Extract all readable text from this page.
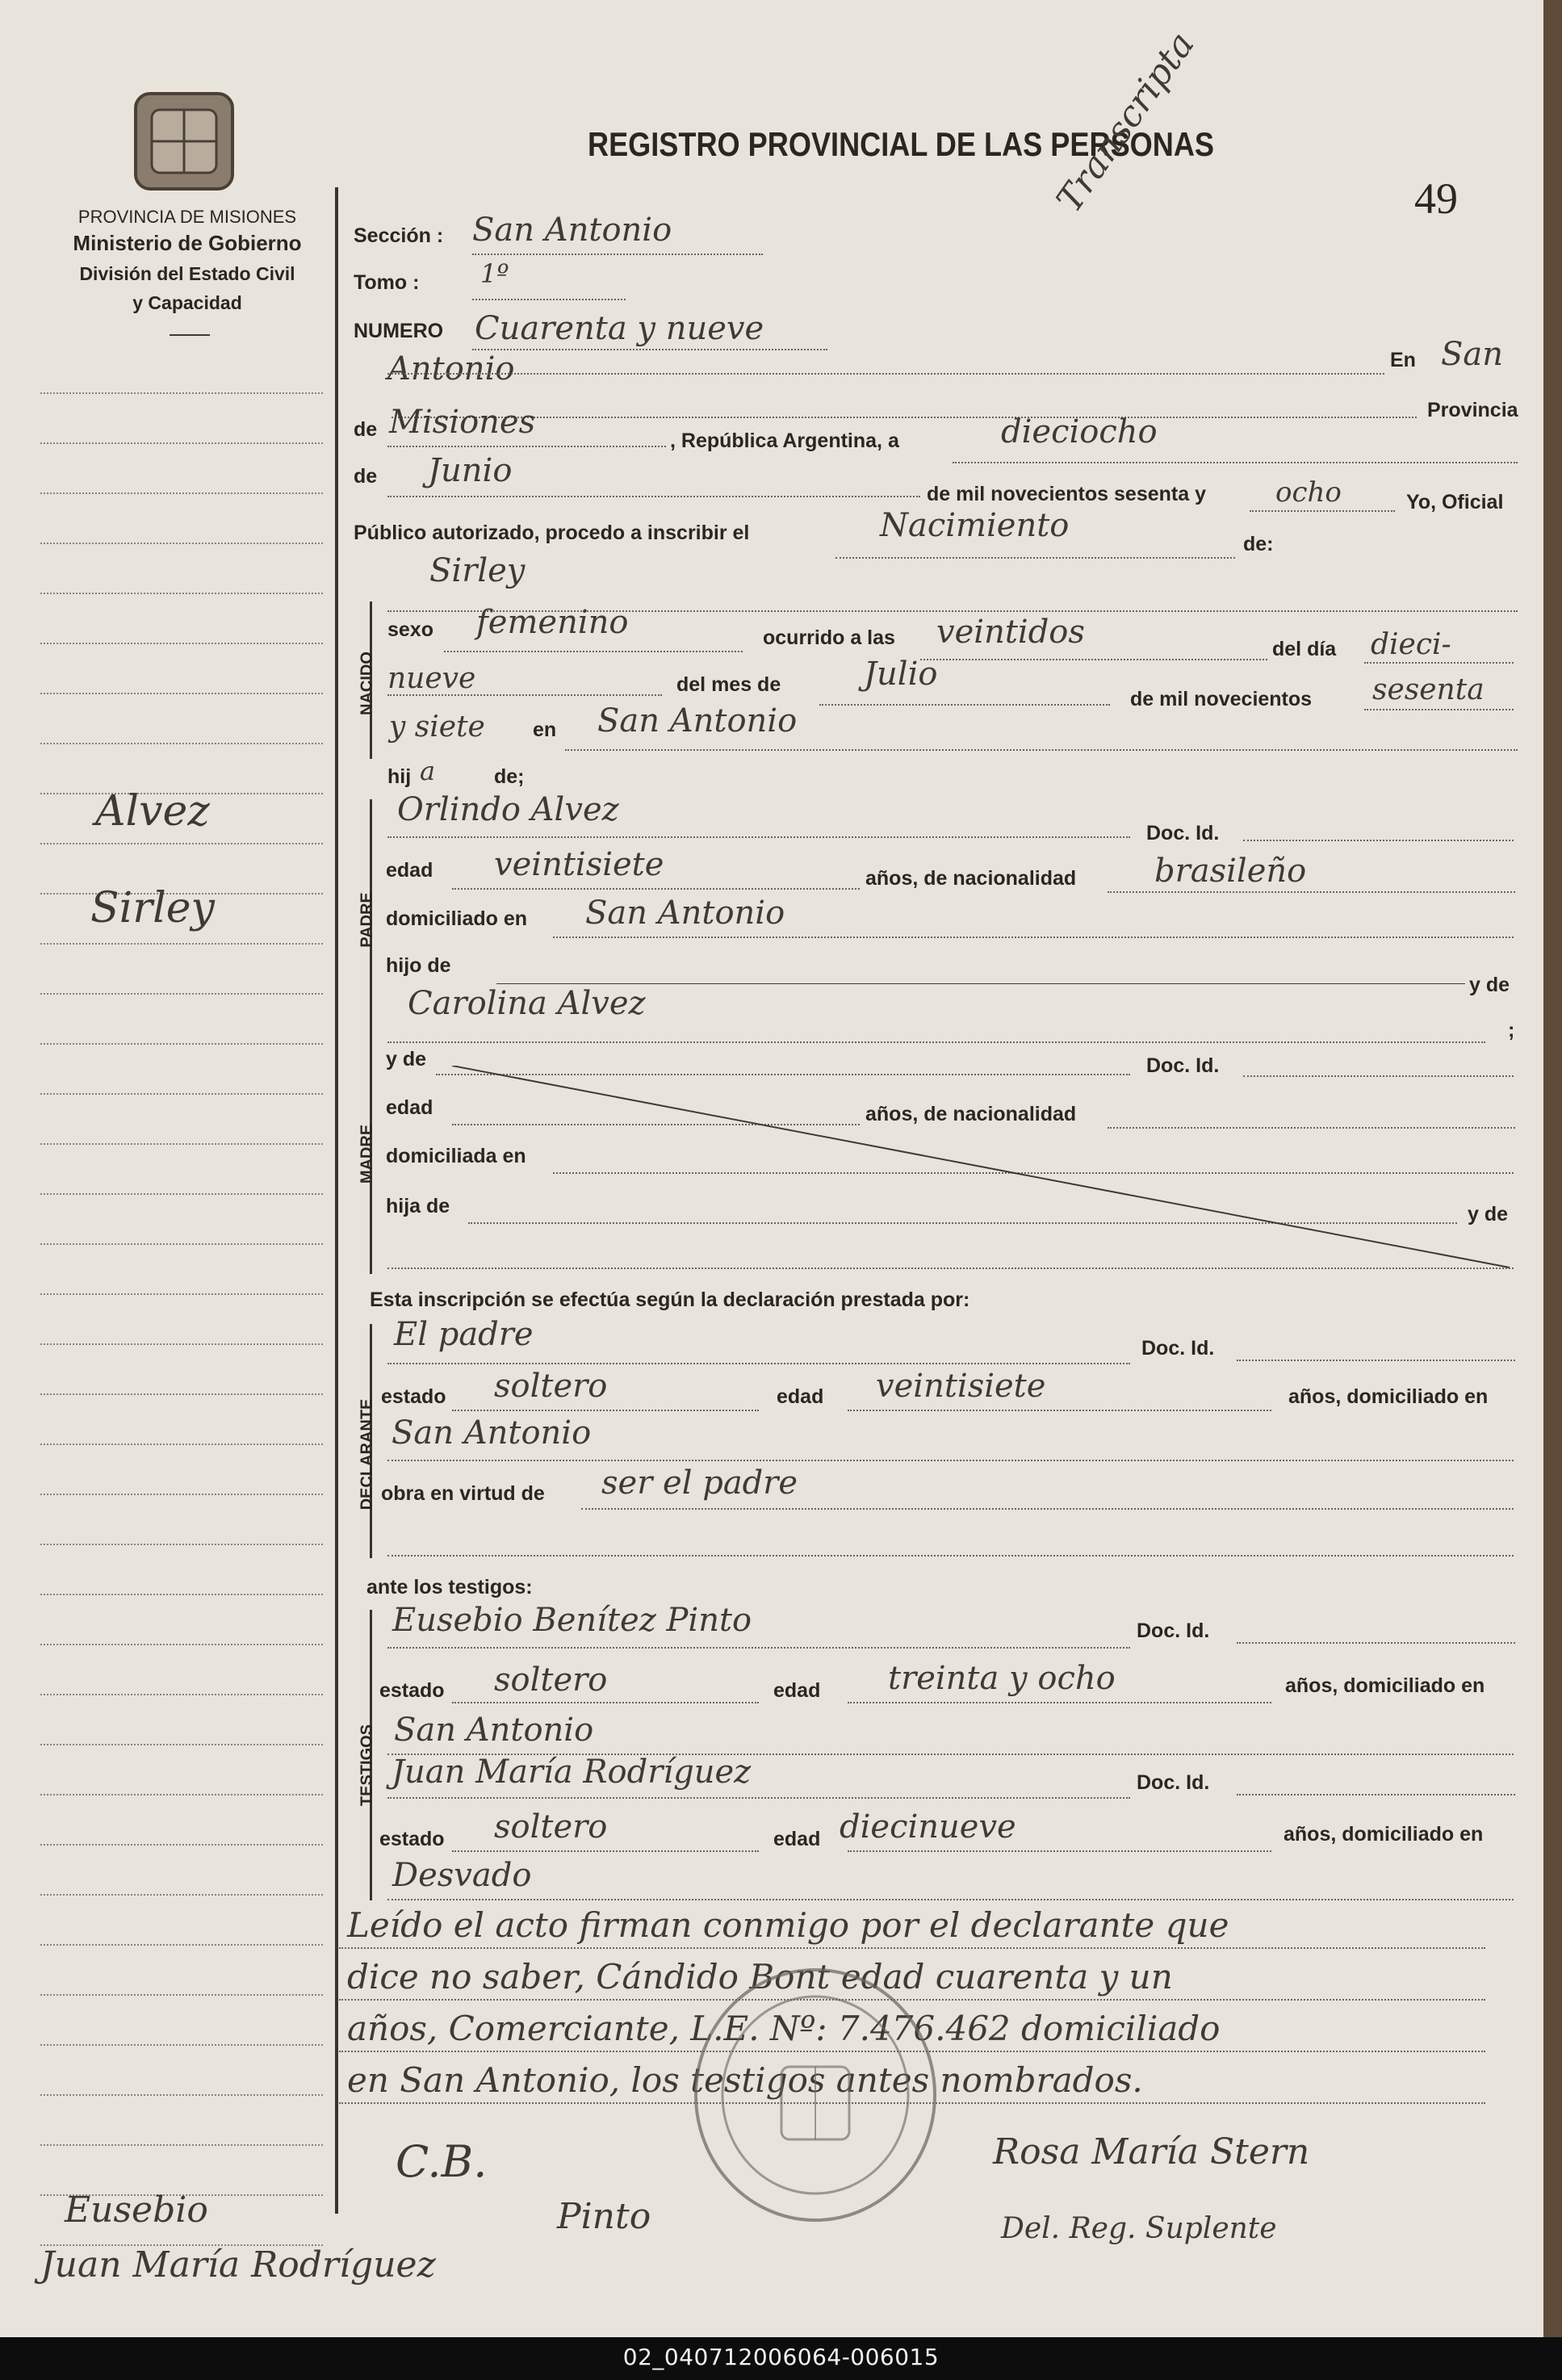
PROVINCIA DE MISIONES
Ministerio de Gobierno
División del Estado Civil
y Capacidad
REGISTRO PROVINCIAL DE LAS PERSONAS
Transcripta	49
Alvez
Sirley
Sección : San Antonio
Tomo : 1º
NUMERO Cuarenta y nueve
Antonio	En San
Provincia
de Misiones	, República Argentina, a	dieciocho
de Junio
de mil novecientos sesenta y	ocho	Yo, Oficial
Público autorizado, procedo a inscribir el	Nacimiento	de:
Sirley
NACIDO
sexo femenino	ocurrido a las veintidos	del día dieci-
nueve	del mes de	Julio
de mil novecientos sesenta
y siete en San Antonio
hij a	de;
PADRE
Orlindo Alvez
Doc. Id.
edad veintisiete	años, de nacionalidad brasileño
domiciliado en San Antonio
hijo de
y de
Carolina Alvez
;
MADRE
y de	Doc. Id.
edad	años, de nacionalidad
domiciliada en
hija de	y de
Esta inscripción se efectúa según la declaración prestada por:
DECLARANTE
El padre	Doc. Id.
estado soltero	edad veintisiete	años, domiciliado en
San Antonio
obra en virtud de ser el padre
ante los testigos:
TESTIGOS
Eusebio Benítez Pinto	Doc. Id.
estado soltero	edad treinta y ocho	años, domiciliado en
San Antonio
Juan María Rodríguez	Doc. Id.
estado soltero	edad diecinueve	años, domiciliado en
Desvado
Leído el acto firman conmigo por el declarante que
dice no saber, Cándido Bont edad cuarenta y un
años, Comerciante, L.E. Nº: 7.476.462 domiciliado
en San Antonio, los testigos antes nombrados.
C.B.
Pinto
Rosa María Stern
Del. Reg. Suplente
Eusebio
Juan María Rodríguez
02_040712006064-006015
